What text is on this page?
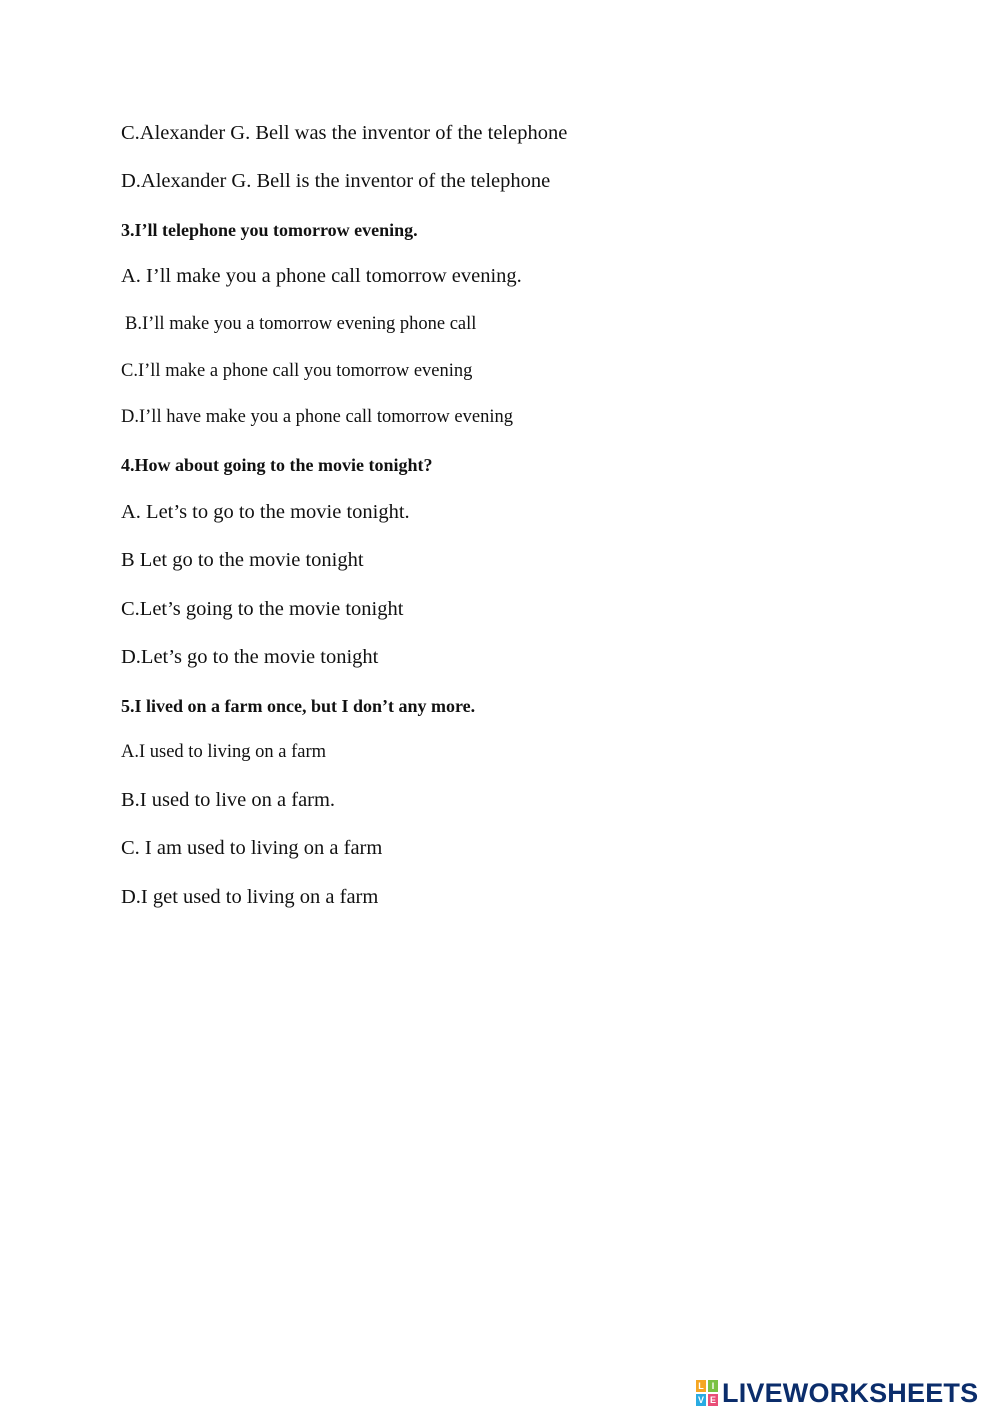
C.Alexander G. Bell was the inventor of the telephone
D.Alexander G. Bell is the inventor of the telephone
3.I’ll telephone you tomorrow evening.
A. I’ll make you a phone call tomorrow evening.
B.I’ll make you a tomorrow evening phone call
C.I’ll make a phone call you tomorrow evening
D.I’ll have make you a phone call tomorrow evening
4.How about going to the movie tonight?
A. Let’s to go to the movie tonight.
B Let go to the movie tonight
C.Let’s going to the movie tonight
D.Let’s go to the movie tonight
5.I lived on a farm once, but I don’t any more.
A.I used to living on a farm
B.I used to live on a farm.
C. I am used to living on a farm
D.I get used to living on a farm
L I
V E LIVEWORKSHEETS
